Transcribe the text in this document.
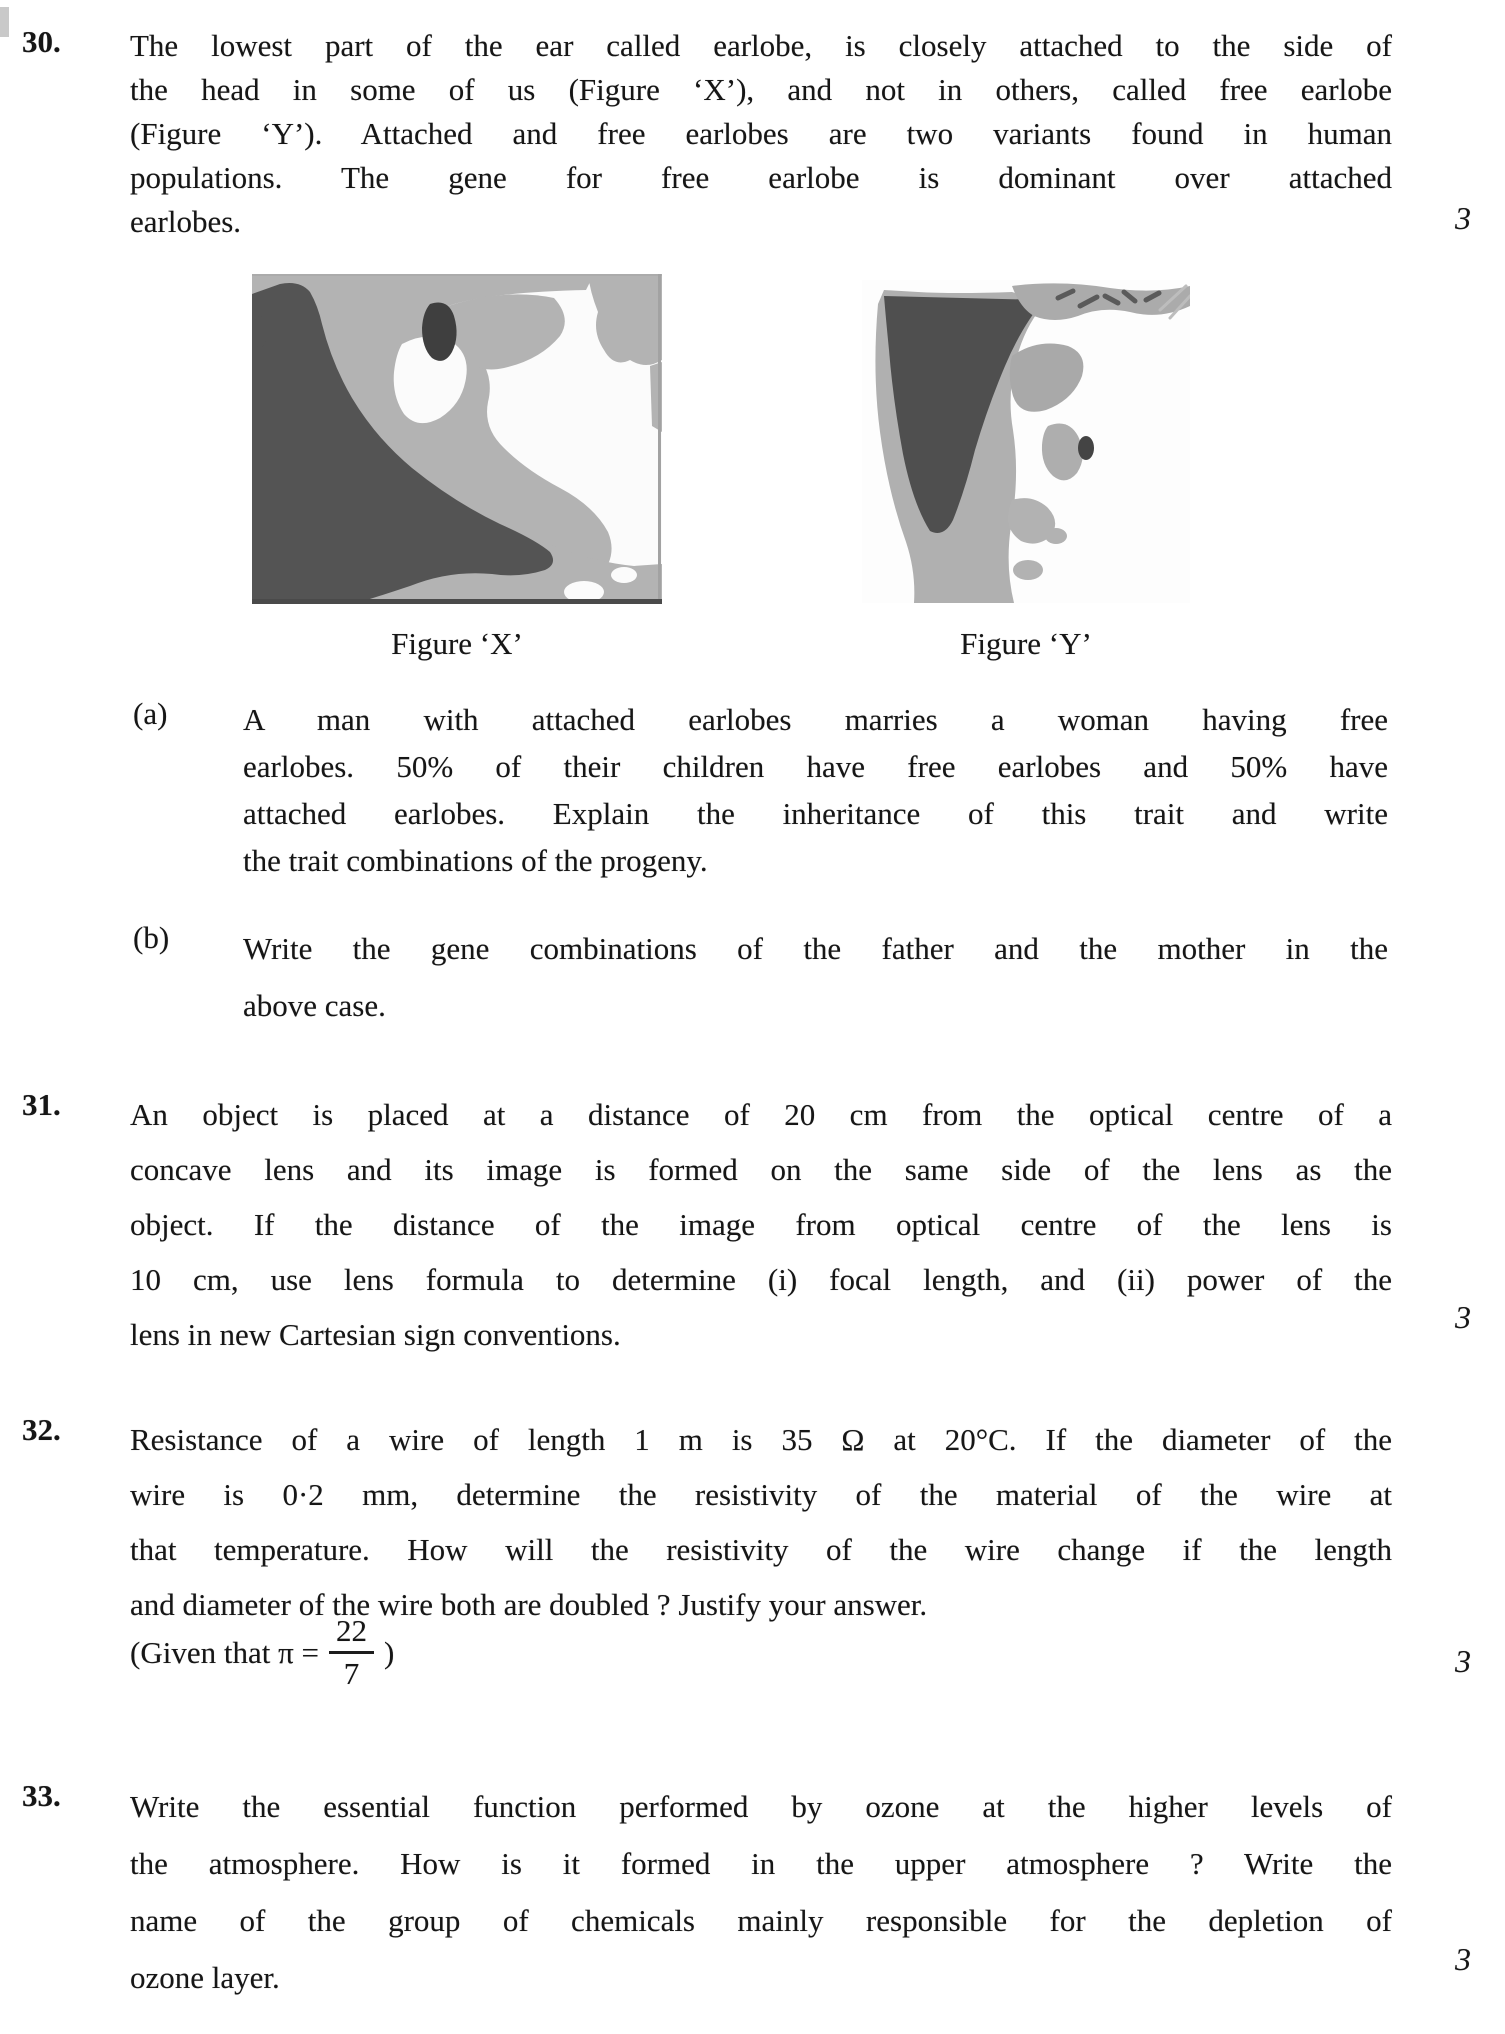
30. The lowest part of the ear called earlobe, is closely attached to the side of
the head in some of us (Figure ‘X’), and not in others, called free earlobe
(Figure ‘Y’). Attached and free earlobes are two variants found in human
populations. The gene for free earlobe is dominant over attached
earlobes.	3
Figure ‘X’	Figure ‘Y’
(a) A man with attached earlobes marries a woman having free
earlobes. 50% of their children have free earlobes and 50% have
attached earlobes. Explain the inheritance of this trait and write
the trait combinations of the progeny.
(b) Write the gene combinations of the father and the mother in the
above case.
31. An object is placed at a distance of 20 cm from the optical centre of a
concave lens and its image is formed on the same side of the lens as the
object. If the distance of the image from optical centre of the lens is
10 cm, use lens formula to determine (i) focal length, and (ii) power of the
lens in new Cartesian sign conventions.	3
32. Resistance of a wire of length 1 m is 35 Ω at 20°C. If the diameter of the
wire is 0·2 mm, determine the resistivity of the material of the wire at
that temperature. How will the resistivity of the wire change if the length
and diameter of the wire both are doubled ? Justify your answer.
(Given that $\pi = \frac{22}{7}$ )	3
33. Write the essential function performed by ozone at the higher levels of
the atmosphere. How is it formed in the upper atmosphere ? Write the
name of the group of chemicals mainly responsible for the depletion of
ozone layer.
3
